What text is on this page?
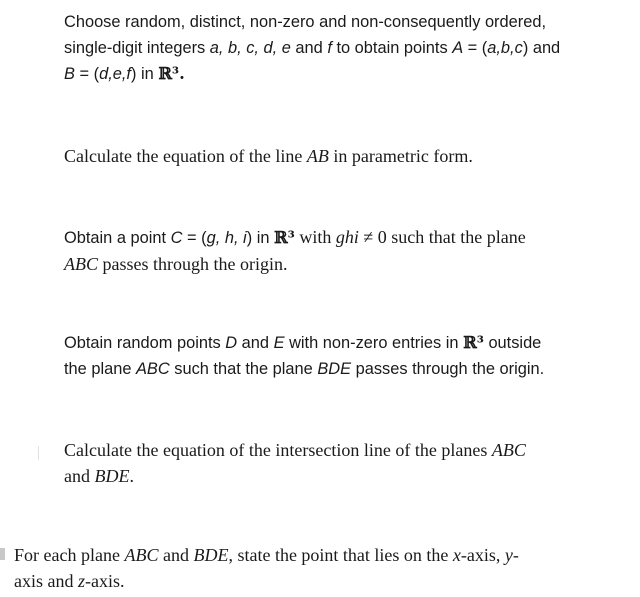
Choose random, distinct, non-zero and non-consequently ordered,
single-digit integers a, b, c, d, e and f to obtain points A = (a,b,c) and
B = (d,e,f) in ℝ³.

Calculate the equation of the line AB in parametric form.

Obtain a point C = (g, h, i) in ℝ³ with ghi ≠ 0 such that the plane
ABC passes through the origin.

Obtain random points D and E with non-zero entries in ℝ³ outside
the plane ABC such that the plane BDE passes through the origin.

Calculate the equation of the intersection line of the planes ABC
and BDE.

For each plane ABC and BDE, state the point that lies on the x-axis, y-
axis and z-axis.
